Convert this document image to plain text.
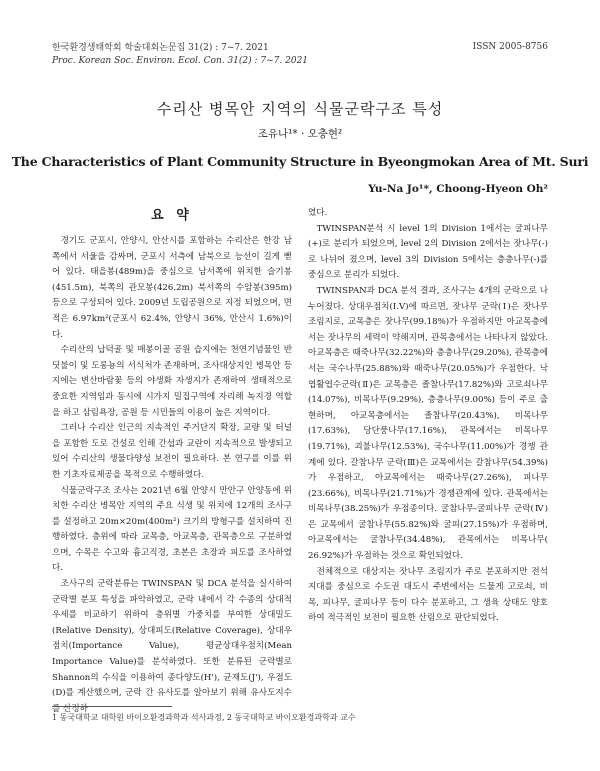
한국환경생태학회 학술대회논문집 31(2) : 7~7. 2021
Proc. Korean Soc. Environ. Ecol. Con. 31(2) : 7~7. 2021
ISSN 2005-8756
수리산 병목안 지역의 식물군락구조 특성
조유나¹* · 오충현²
The Characteristics of Plant Community Structure in Byeongmokan Area of Mt. Suri
Yu-Na Jo¹*, Choong-Hyeon Oh²
요 약

경기도 군포시, 안양시, 안산시를 포함하는 수리산은 한강 남쪽에서 서울을 감싸며, 군포시 서측에 남북으로 능선이 길게 뻗어 있다. 태을봉(489m)을 중심으로 남서쪽에 위치한 슬기봉(451.5m), 북쪽의 관모봉(426.2m) 북서쪽의 수암봉(395m) 등으로 구성되어 있다. 2009년 도립공원으로 지정 되었으며, 면적은 6.97km²(군포시 62.4%, 안양시 36%, 안산시 1.6%)이다.

수리산의 납덕골 및 매봉이골 공원 습지에는 천연기념물인 반딧불이 및 도롱뇽의 서식처가 존재하며, 조사대상지인 병목안 등지에는 변산바람꽃 등의 야생화 자생지가 존재하여 생태적으로 중요한 지역임과 동시에 시가지 밀집구역에 자리해 녹지경 역할을 하고 삼림욕장, 공원 등 시민들의 이용이 높은 지역이다.

그러나 수리산 인근의 지속적인 주거단지 확장, 교량 및 터널을 포함한 도로 건설로 인해 간섭과 교란이 지속적으로 발생되고 있어 수리산의 생물다양성 보전이 필요하다. 본 연구를 이를 위한 기초자료제공을 목적으로 수행하였다.

식물군락구조 조사는 2021년 6월 안양시 만안구 안양동에 위치한 수리산 병목안 지역의 주요 식생 및 위치에 12개의 조사구를 설정하고 20m×20m(400m²) 크기의 방형구를 설치하여 진행하였다. 층위에 따라 교목층, 아교목층, 관목층으로 구분하였으며, 수목은 수고와 흉고직경, 초본은 초장과 피도를 조사하였다.

조사구의 군락분류는 TWINSPAN 및 DCA 분석을 실시하여 군락별 분포 특성을 파악하였고, 군락 내에서 각 수종의 상대적 우세를 비교하기 위하여 층위별 가중치를 부여한 상대밀도(Relative Density), 상대피도(Relative Coverage), 상대우점치(Importance Value), 평균상대우점치(Mean Importance Value)를 분석하였다. 또한 분류된 군락별로 Shannon의 수식을 이용하여 종다양도(H'), 균재도(J'), 우점도(D)를 계산했으며, 군락 간 유사도를 알아보기 위해 유사도지수를 산정하

였다.

TWINSPAN분석 시 level 1의 Division 1에서는 굴피나무(+)로 분리가 되었으며, level 2의 Division 2에서는 잣나무(-)로 나뉘어 졌으며, level 3의 Division 5에서는 층층나무(-)를 중심으로 분리가 되었다.

TWINSPAN과 DCA 분석 결과, 조사구는 4개의 군락으로 나누어졌다. 상대우점치(I.V)에 따르면, 잣나무 군락(Ⅰ)은 잣나무 조림지로, 교목층은 잣나무(99.18%)가 우점하지만 아교목층에서는 잣나무의 세력이 약해지며, 관목층에서는 나타나지 않았다. 아교목층은 때죽나무(32.22%)와 층층나무(29.20%), 관목층에서는 국수나무(25.88%)와 때죽나무(20.05%)가 우점한다. 낙엽활엽수군락(Ⅱ)은 교목층은 졸참나무(17.82%)와 고로쇠나무(14.07%), 비목나무(9.29%), 층층나무(9.00%) 등이 주로 출현하며, 아교목층에서는 졸참나무(20.43%), 비목나무(17.63%), 당단풍나무(17.16%), 관목에서는 비목나무(19.71%), 괴불나무(12.53%), 국수나무(11.00%)가 경쟁 관계에 있다. 갈참나무 군락(Ⅲ)은 교목에서는 갈참나무(54.39%)가 우점하고, 아교목에서는 때죽나무(27.26%), 피나무(23.66%), 비목나무(21.71%)가 경쟁관계에 있다. 관목에서는 비목나무(38.25%)가 우점종이다. 굴참나무-굴피나무 군락(Ⅳ)은 교목에서 굴참나무(55.82%)와 굴피(27.15%)가 우점하며, 아교목에서는 굴참나무(34.48%), 관목에서는 비목나무( 26.92%)가 우점하는 것으로 확인되었다.

전체적으로 대상지는 잣나무 조림지가 주로 분포하지만 전석지대를 중심으로 수도권 대도시 주변에서는 드물게 고로쇠, 비목, 피나무, 굴피나무 등이 다수 분포하고, 그 생육 상태도 양호하여 적극적인 보전이 필요한 산림으로 판단되었다.

1 동국대학교 대학원 바이오환경과학과 석사과정, 2 동국대학교 바이오환경과학과 교수
